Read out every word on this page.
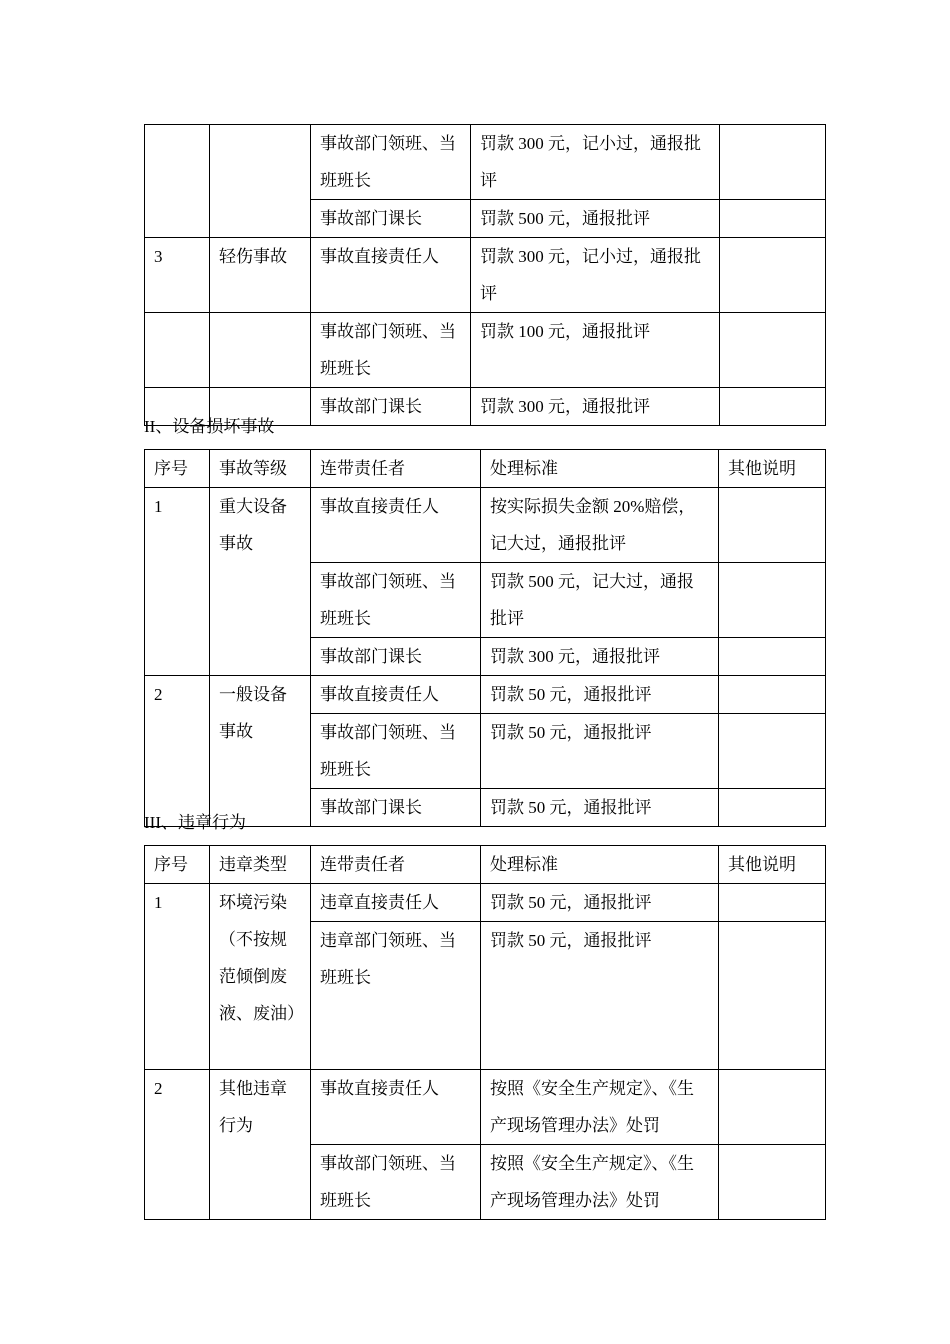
		事故部门领班、当班班长	罚款 300 元，记小过，通报批评	
		事故部门课长	罚款 500 元，通报批评	
3	轻伤事故	事故直接责任人	罚款 300 元，记小过，通报批评	
		事故部门领班、当班班长	罚款 100 元，通报批评	
		事故部门课长	罚款 300 元，通报批评	
II、设备损坏事故
序号	事故等级	连带责任者	处理标准	其他说明
1	重大设备事故	事故直接责任人	按实际损失金额 20%赔偿，记大过，通报批评	
		事故部门领班、当班班长	罚款 500 元，记大过，通报批评	
		事故部门课长	罚款 300 元，通报批评	
2	一般设备事故	事故直接责任人	罚款 50 元，通报批评	
		事故部门领班、当班班长	罚款 50 元，通报批评	
		事故部门课长	罚款 50 元，通报批评	
III、违章行为
序号	违章类型	连带责任者	处理标准	其他说明
1	环境污染（不按规范倾倒废液、废油）	违章直接责任人	罚款 50 元，通报批评	
		违章部门领班、当班班长	罚款 50 元，通报批评	
2	其他违章行为	事故直接责任人	按照《安全生产规定》、《生产现场管理办法》处罚	
		事故部门领班、当班班长	按照《安全生产规定》、《生产现场管理办法》处罚	
